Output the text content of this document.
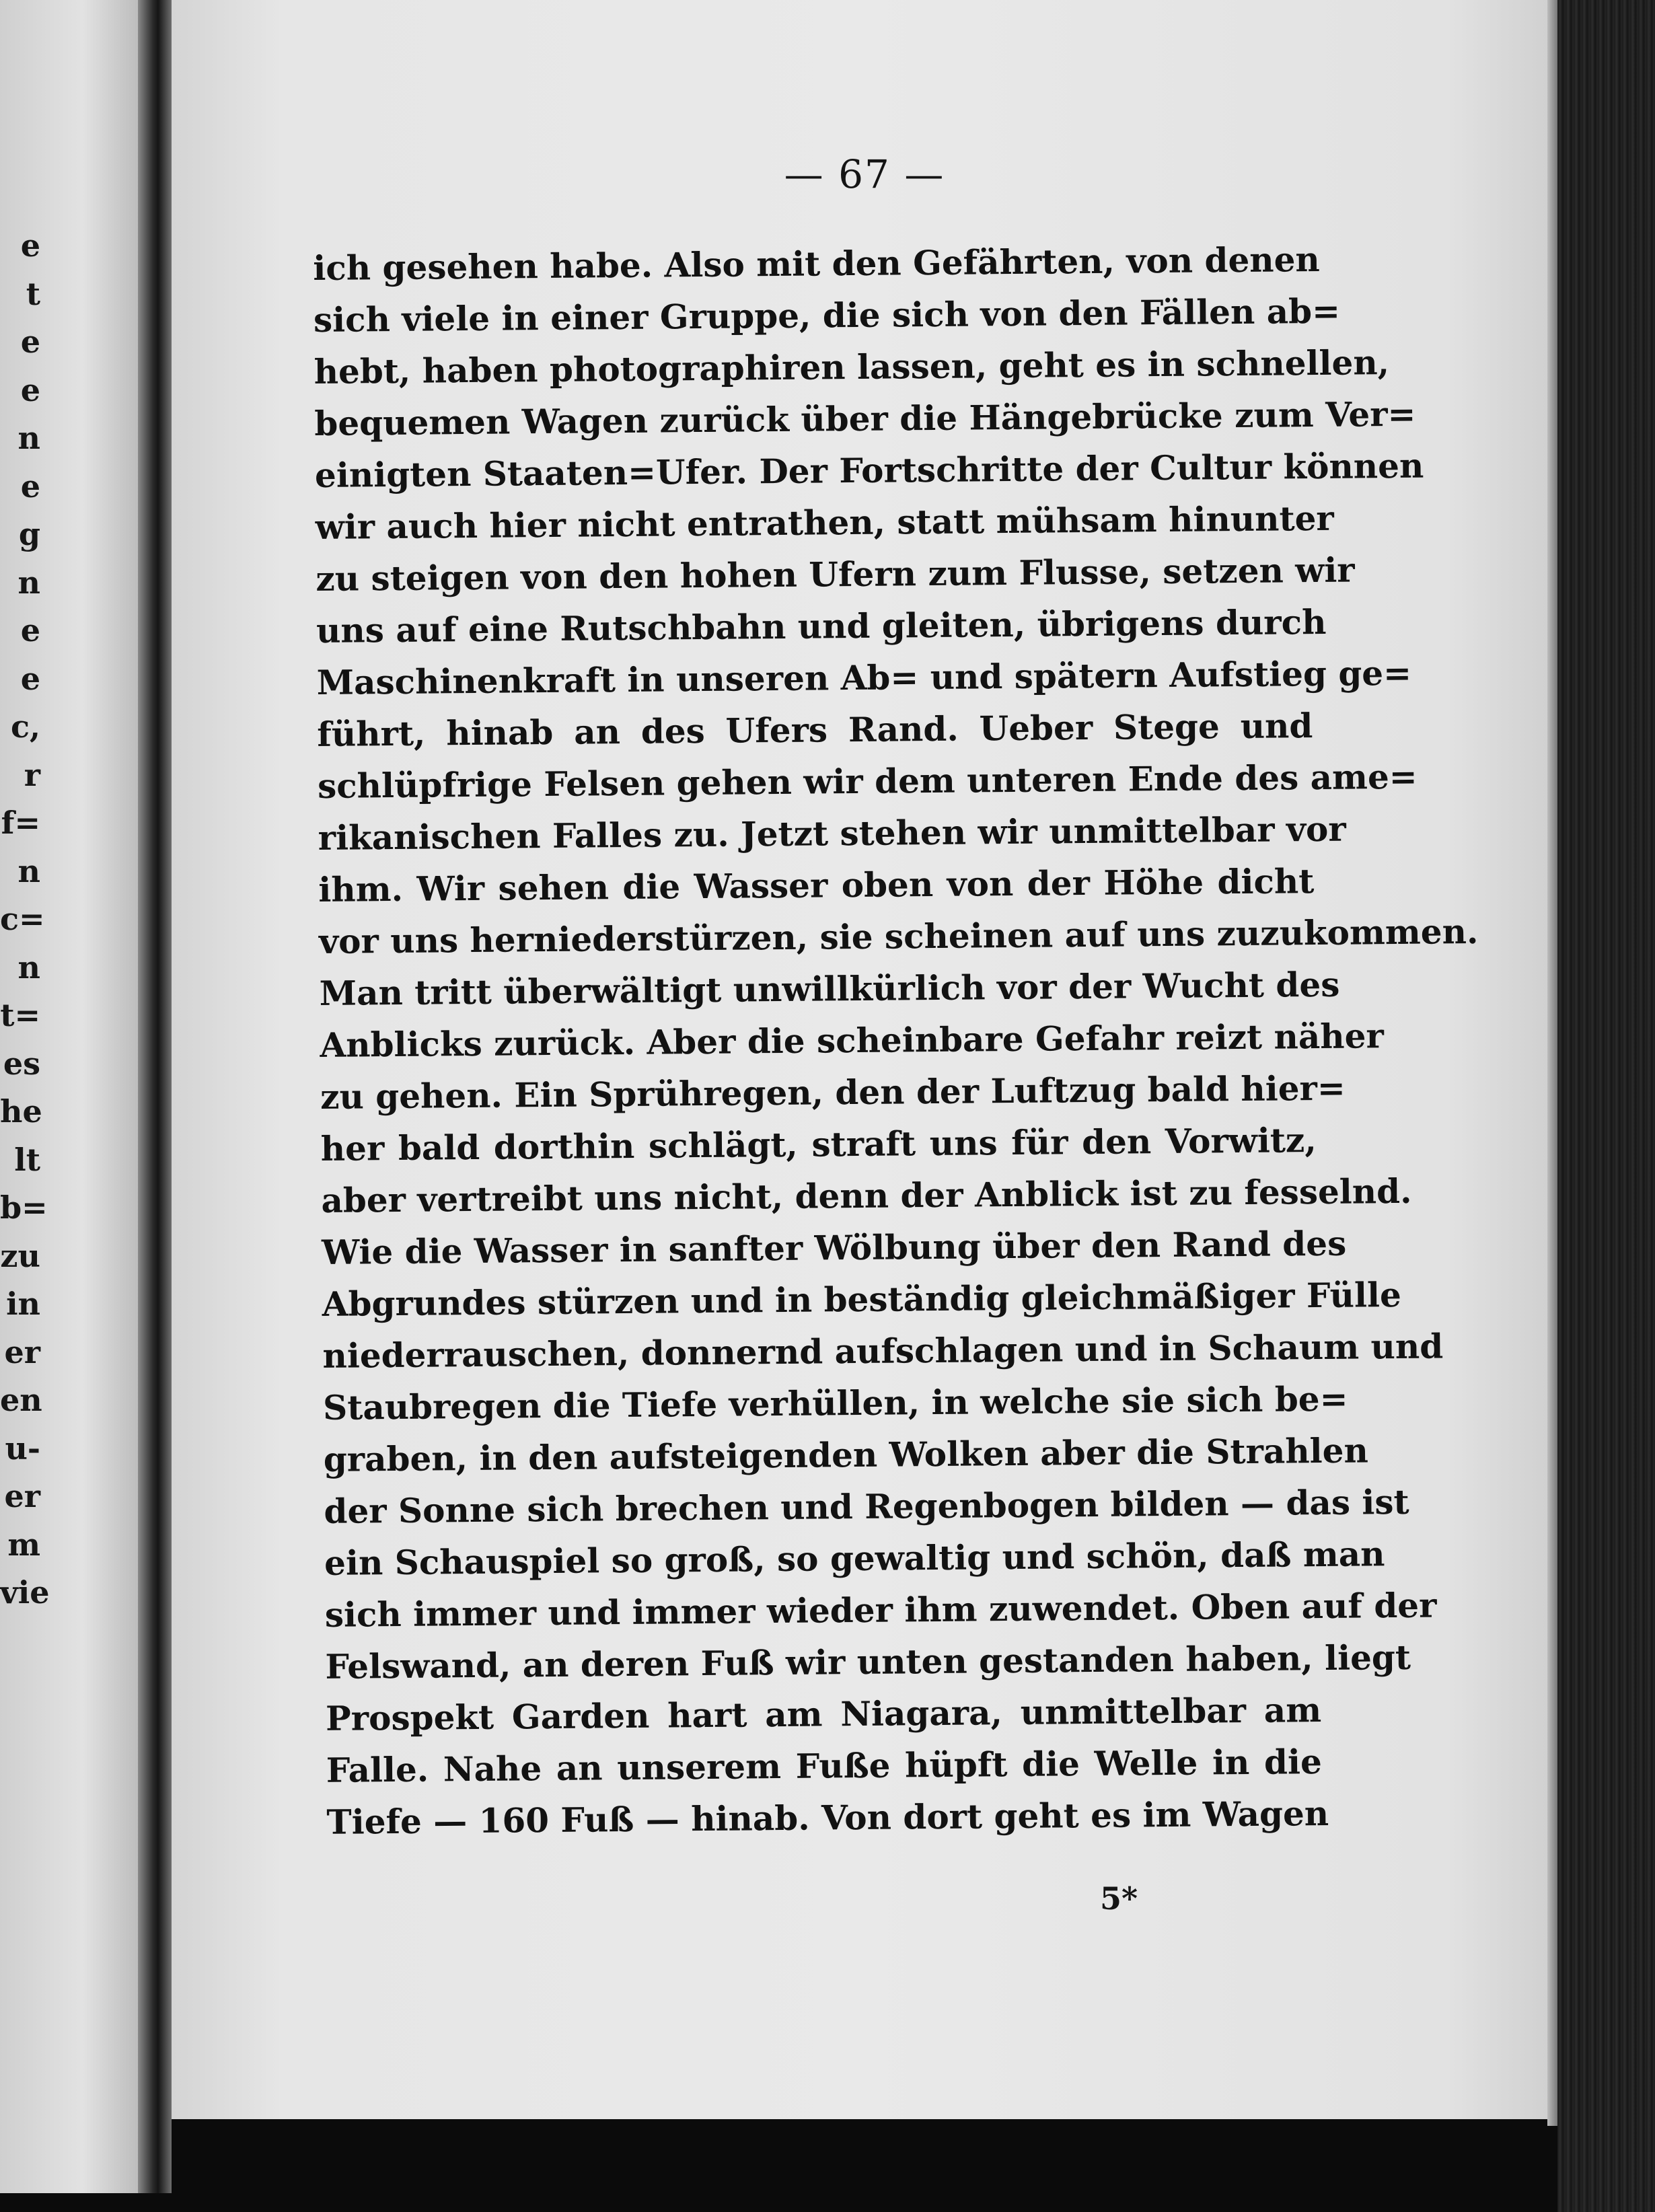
e
t
e
e
n
e
g
n
e
e
c,
r
f=
n
c=
n
t=
es
he
lt
b=
zu
in
er
en
u-
er
m
vie
— 67 —
ich gesehen habe. Also mit den Gefährten, von denen
sich viele in einer Gruppe, die sich von den Fällen ab=
hebt, haben photographiren lassen, geht es in schnellen,
bequemen Wagen zurück über die Hängebrücke zum Ver=
einigten Staaten=Ufer. Der Fortschritte der Cultur können
wir auch hier nicht entrathen, statt mühsam hinunter
zu steigen von den hohen Ufern zum Flusse, setzen wir
uns auf eine Rutschbahn und gleiten, übrigens durch
Maschinenkraft in unseren Ab= und spätern Aufstieg ge=
führt, hinab an des Ufers Rand. Ueber Stege und
schlüpfrige Felsen gehen wir dem unteren Ende des ame=
rikanischen Falles zu. Jetzt stehen wir unmittelbar vor
ihm. Wir sehen die Wasser oben von der Höhe dicht
vor uns herniederstürzen, sie scheinen auf uns zuzukommen.
Man tritt überwältigt unwillkürlich vor der Wucht des
Anblicks zurück. Aber die scheinbare Gefahr reizt näher
zu gehen. Ein Sprühregen, den der Luftzug bald hier=
her bald dorthin schlägt, straft uns für den Vorwitz,
aber vertreibt uns nicht, denn der Anblick ist zu fesselnd.
Wie die Wasser in sanfter Wölbung über den Rand des
Abgrundes stürzen und in beständig gleichmäßiger Fülle
niederrauschen, donnernd aufschlagen und in Schaum und
Staubregen die Tiefe verhüllen, in welche sie sich be=
graben, in den aufsteigenden Wolken aber die Strahlen
der Sonne sich brechen und Regenbogen bilden — das ist
ein Schauspiel so groß, so gewaltig und schön, daß man
sich immer und immer wieder ihm zuwendet. Oben auf der
Felswand, an deren Fuß wir unten gestanden haben, liegt
Prospekt Garden hart am Niagara, unmittelbar am
Falle. Nahe an unserem Fuße hüpft die Welle in die
Tiefe — 160 Fuß — hinab. Von dort geht es im Wagen
5*
